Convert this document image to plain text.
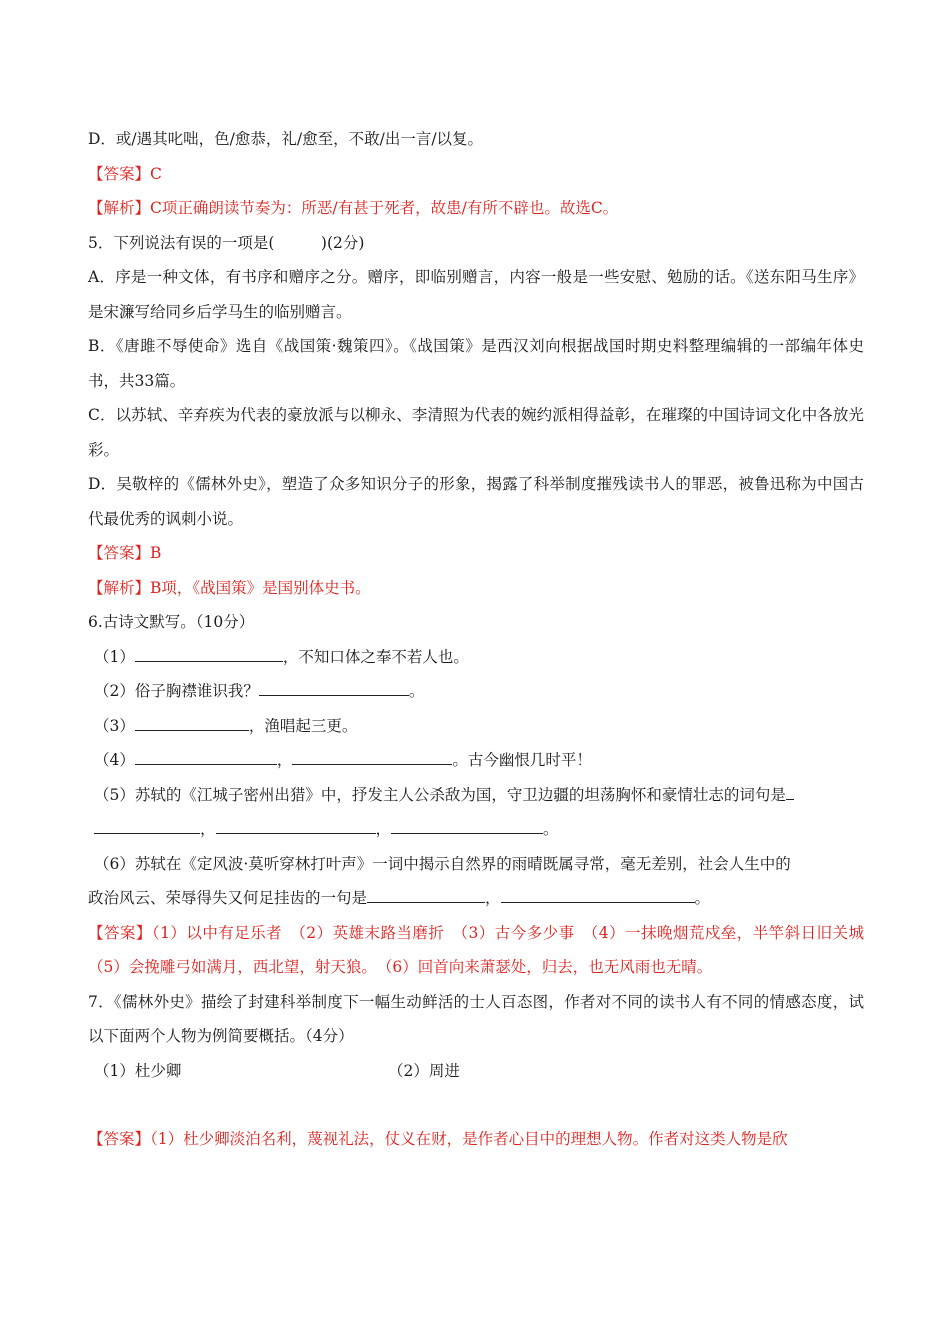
D．或/遇其叱咄，色/愈恭，礼/愈至，不敢/出一言/以复。
【答案】C
【解析】C项正确朗读节奏为：所恶/有甚于死者，故患/有所不辟也。故选C。
5．下列说法有误的一项是(　　　)(2分)
A．序是一种文体，有书序和赠序之分。赠序，即临别赠言，内容一般是一些安慰、勉励的话。《送东阳马生序》是宋濂写给同乡后学马生的临别赠言。
B．《唐雎不辱使命》选自《战国策·魏策四》。《战国策》是西汉刘向根据战国时期史料整理编辑的一部编年体史书，共33篇。
C．以苏轼、辛弃疾为代表的豪放派与以柳永、李清照为代表的婉约派相得益彰，在璀璨的中国诗词文化中各放光彩。
D．吴敬梓的《儒林外史》，塑造了众多知识分子的形象，揭露了科举制度摧残读书人的罪恶，被鲁迅称为中国古代最优秀的讽刺小说。
【答案】B
【解析】B项，《战国策》是国别体史书。
6.古诗文默写。（10分）
（1）	，不知口体之奉不若人也。
（2）俗子胸襟谁识我？	。
（3）	，渔唱起三更。
（4）	，	。古今幽恨几时平！
（5）苏轼的《江城子密州出猎》中，抒发主人公杀敌为国，守卫边疆的坦荡胸怀和豪情壮志的词句是
，	，	。
（6）苏轼在《定风波·莫听穿林打叶声》一词中揭示自然界的雨晴既属寻常，毫无差别，社会人生中的
政治风云、荣辱得失又何足挂齿的一句是	，	。
【答案】（1）以中有足乐者　（2）英雄末路当磨折　（3）古今多少事　（4）一抹晚烟荒戍垒，半竿斜日旧关城　（5）会挽雕弓如满月，西北望，射天狼。　（6）回首向来萧瑟处，归去，也无风雨也无晴。
7．《儒林外史》描绘了封建科举制度下一幅生动鲜活的士人百态图，作者对不同的读书人有不同的情感态度，试以下面两个人物为例简要概括。（4分）
（1）杜少卿	（2）周进
【答案】（1）杜少卿淡泊名利，蔑视礼法，仗义在财，是作者心目中的理想人物。作者对这类人物是欣
